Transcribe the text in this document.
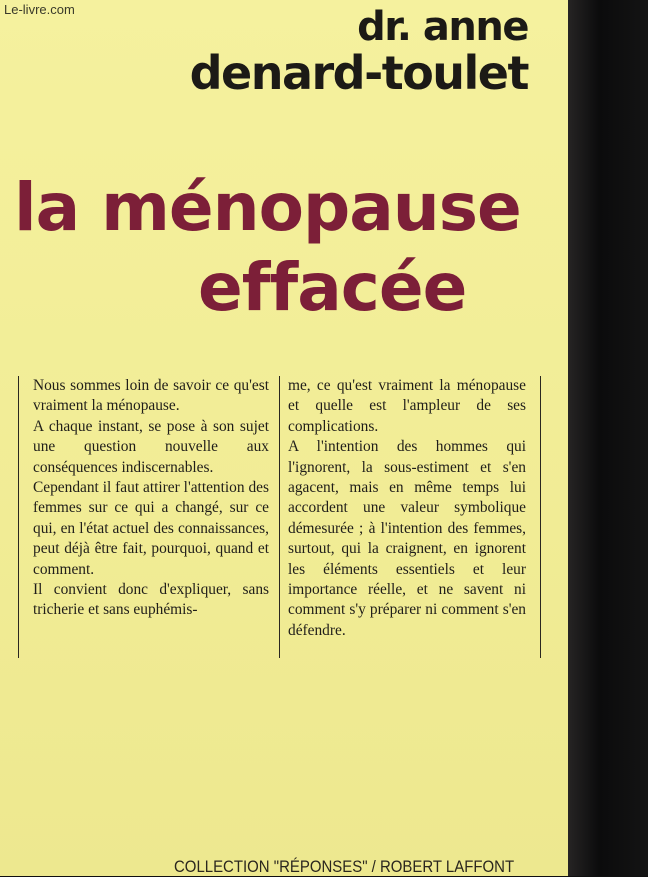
Le-livre.com	dr. anne
denard-toulet
la ménopause
effacée

Nous sommes loin de savoir ce qu'est vraiment la ménopause.

A chaque instant, se pose à son sujet une question nouvelle aux conséquences indiscernables.

Cependant il faut attirer l'attention des femmes sur ce qui a changé, sur ce qui, en l'état actuel des connaissances, peut déjà être fait, pourquoi, quand et comment.

Il convient donc d'expliquer, sans tricherie et sans euphémis-

me, ce qu'est vraiment la ménopause et quelle est l'ampleur de ses complications.

A l'intention des hommes qui l'ignorent, la sous-estiment et s'en agacent, mais en même temps lui accordent une valeur symbolique démesurée ; à l'intention des femmes, surtout, qui la craignent, en ignorent les éléments essentiels et leur importance réelle, et ne savent ni comment s'y préparer ni comment s'en défendre.

COLLECTION "RÉPONSES" / ROBERT LAFFONT
